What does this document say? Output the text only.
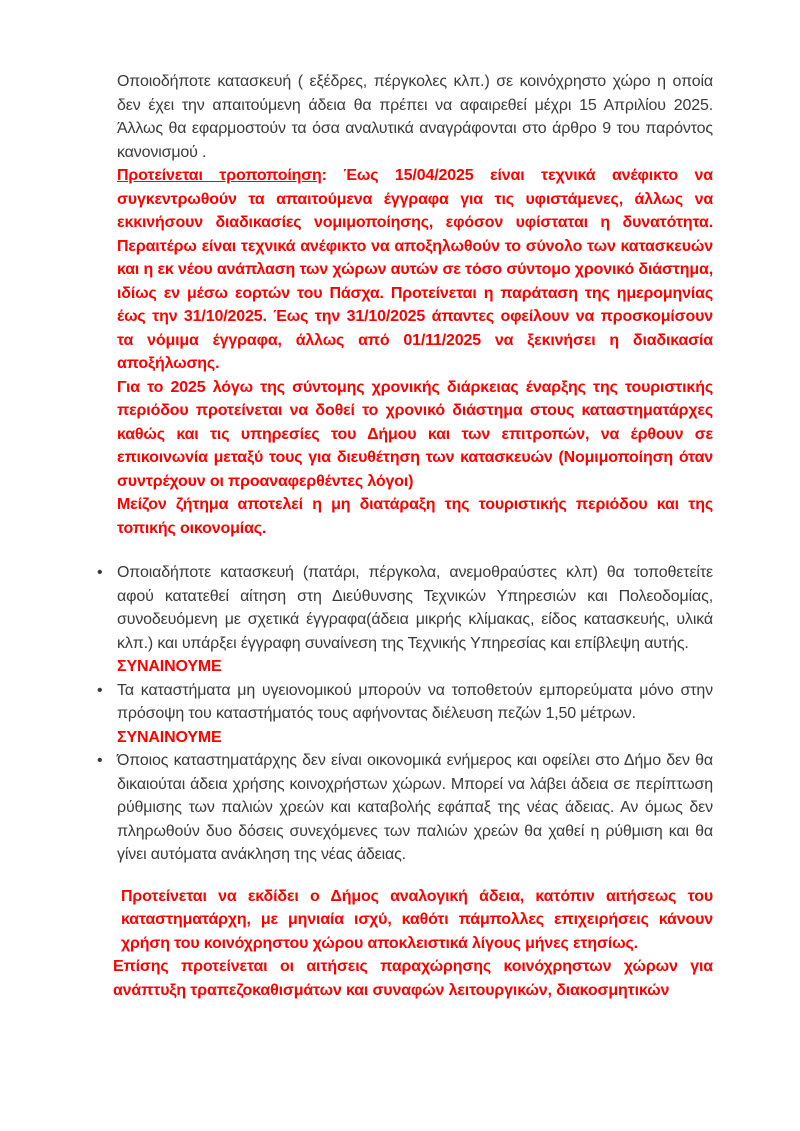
Οποιοδήποτε κατασκευή ( εξέδρες, πέργκολες κλπ.) σε κοινόχρηστο χώρο η οποία δεν έχει την απαιτούμενη άδεια θα πρέπει να αφαιρεθεί μέχρι 15 Απριλίου 2025. Άλλως θα εφαρμοστούν τα όσα αναλυτικά αναγράφονται στο άρθρο 9 του παρόντος κανονισμού .

Προτείνεται τροποποίηση: Έως 15/04/2025 είναι τεχνικά ανέφικτο να συγκεντρωθούν τα απαιτούμενα έγγραφα για τις υφιστάμενες, άλλως να εκκινήσουν διαδικασίες νομιμοποίησης, εφόσον υφίσταται η δυνατότητα. Περαιτέρω είναι τεχνικά ανέφικτο να αποξηλωθούν το σύνολο των κατασκευών και η εκ νέου ανάπλαση των χώρων αυτών σε τόσο σύντομο χρονικό διάστημα, ιδίως εν μέσω εορτών του Πάσχα. Προτείνεται η παράταση της ημερομηνίας έως την 31/10/2025. Έως την 31/10/2025 άπαντες οφείλουν να προσκομίσουν τα νόμιμα έγγραφα, άλλως από 01/11/2025 να ξεκινήσει η διαδικασία αποξήλωσης.

Για το 2025 λόγω της σύντομης χρονικής διάρκειας έναρξης της τουριστικής περιόδου προτείνεται να δοθεί το χρονικό διάστημα στους καταστηματάρχες καθώς και τις υπηρεσίες του Δήμου και των επιτροπών, να έρθουν σε επικοινωνία μεταξύ τους για διευθέτηση των κατασκευών (Νομιμοποίηση όταν συντρέχουν οι προαναφερθέντες λόγοι)

Μείζον ζήτημα αποτελεί η μη διατάραξη της τουριστικής περιόδου και της τοπικής οικονομίας.

• Οποιαδήποτε κατασκευή (πατάρι, πέργκολα, ανεμοθραύστες κλπ) θα τοποθετείτε αφού κατατεθεί αίτηση στη Διεύθυνσης Τεχνικών Υπηρεσιών και Πολεοδομίας, συνοδευόμενη με σχετικά έγγραφα(άδεια μικρής κλίμακας, είδος κατασκευής, υλικά κλπ.) και υπάρξει έγγραφη συναίνεση της Τεχνικής Υπηρεσίας και επίβλεψη αυτής.

ΣΥΝΑΙΝΟΥΜΕ

• Τα καταστήματα μη υγειονομικού μπορούν να τοποθετούν εμπορεύματα μόνο στην πρόσοψη του καταστήματός τους αφήνοντας διέλευση πεζών 1,50 μέτρων.

ΣΥΝΑΙΝΟΥΜΕ

• Όποιος καταστηματάρχης δεν είναι οικονομικά ενήμερος και οφείλει στο Δήμο δεν θα δικαιούται άδεια χρήσης κοινοχρήστων χώρων. Μπορεί να λάβει άδεια σε περίπτωση ρύθμισης των παλιών χρεών και καταβολής εφάπαξ της νέας άδειας. Αν όμως δεν πληρωθούν δυο δόσεις συνεχόμενες των παλιών χρεών θα χαθεί η ρύθμιση και θα γίνει αυτόματα ανάκληση της νέας άδειας.

Προτείνεται να εκδίδει ο Δήμος αναλογική άδεια, κατόπιν αιτήσεως του καταστηματάρχη, με μηνιαία ισχύ, καθότι πάμπολλες επιχειρήσεις κάνουν χρήση του κοινόχρηστου χώρου αποκλειστικά λίγους μήνες ετησίως.

Επίσης προτείνεται οι αιτήσεις παραχώρησης κοινόχρηστων χώρων για ανάπτυξη τραπεζοκαθισμάτων και συναφών λειτουργικών, διακοσμητικών
